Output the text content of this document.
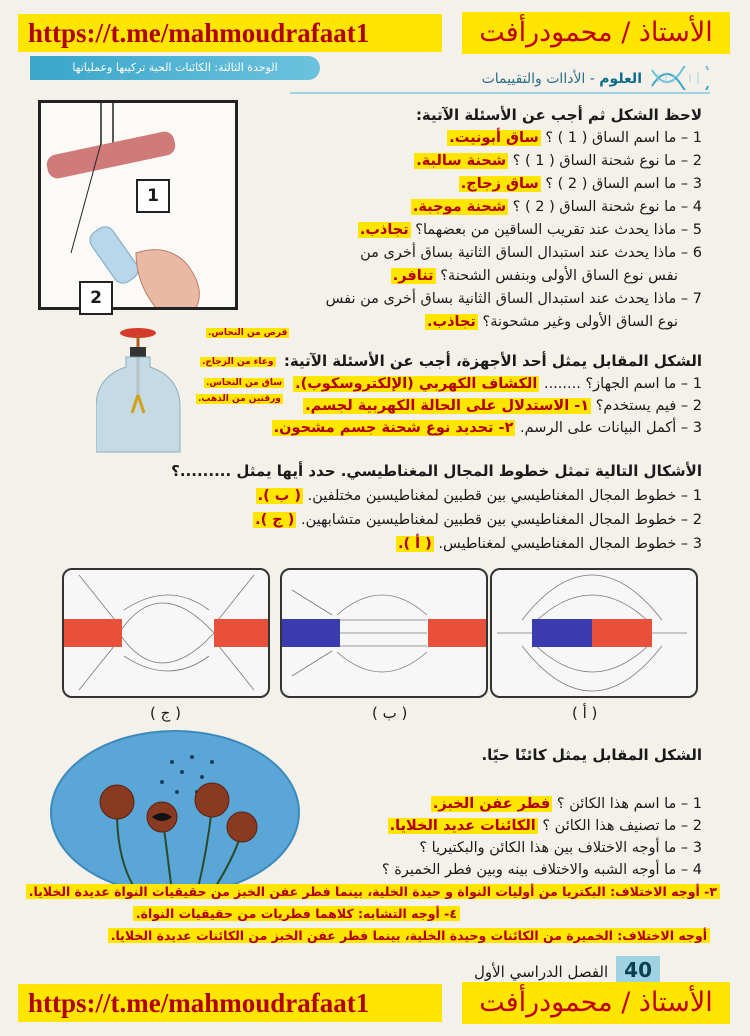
https://t.me/mahmoudrafaat1	الأستاذ / محمودرأفت
الوحدة الثالثة: الكائنات الحية تركيبها وعملياتها
العلوم - الأداات والتقييمات
1
2
لاحظ الشكل ثم أجب عن الأسئلة الآتية:
1 – ما اسم الساق ( 1 ) ؟ ساق أبونيت.
2 – ما نوع شحنة الساق ( 1 ) ؟ شحنة سالبة.
3 – ما اسم الساق ( 2 ) ؟ ساق زجاج.
4 – ما نوع شحنة الساق ( 2 ) ؟ شحنة موجبة.
5 – ماذا يحدث عند تقريب الساقين من بعضهما؟ تجاذب.
6 – ماذا يحدث عند استبدال الساق الثانية بساق أخرى من
نفس نوع الساق الأولى وبنفس الشحنة؟ تنافر.
7 – ماذا يحدث عند استبدال الساق الثانية بساق أخرى من نفس
نوع الساق الأولى وغير مشحونة؟ تجاذب.
قرص من النحاس.
وعاء من الزجاج.
ساق من النحاس.
ورقتين من الذهب.
الشكل المقابل يمثل أحد الأجهزة، أجب عن الأسئلة الآتية:
1 – ما اسم الجهاز؟ ........ الكشاف الكهربي (الإلكتروسكوب).
2 – فيم يستخدم؟ ١- الاستدلال على الحالة الكهربية لجسم.
3 – أكمل البيانات على الرسم. ٢- تحديد نوع شحنة جسم مشحون.
الأشكال التالية تمثل خطوط المجال المغناطيسي. حدد أيها يمثل .........؟
1 – خطوط المجال المغناطيسي بين قطبين لمغناطيسين مختلفين. ( ب ).
2 – خطوط المجال المغناطيسي بين قطبين لمغناطيسين متشابهين. ( ج ).
3 – خطوط المجال المغناطيسي لمغناطيس. ( أ ).
( ج )	( ب )	( أ )
الشكل المقابل يمثل كائنًا حيًا.
1 – ما اسم هذا الكائن ؟ فطر عفن الخبز.
2 – ما تصنيف هذا الكائن ؟ الكائنات عديد الخلايا.
3 – ما أوجه الاختلاف بين هذا الكائن والبكتيريا ؟
4 – ما أوجه الشبه والاختلاف بينه وبين فطر الخميرة ؟
٣- أوجه الاختلاف: البكتريا من أوليات النواة و حيدة الخلية، بينما فطر عفن الخبز من حقيقيات النواة عديدة الخلايا.
٤- أوجه التشابه: كلاهما فطريات من حقيقيات النواة.
أوجه الاختلاف: الخميرة من الكائنات وحيدة الخلية، بينما فطر عفن الخبز من الكائنات عديدة الخلايا.
40الفصل الدراسي الأول
https://t.me/mahmoudrafaat1	الأستاذ / محمودرأفت
